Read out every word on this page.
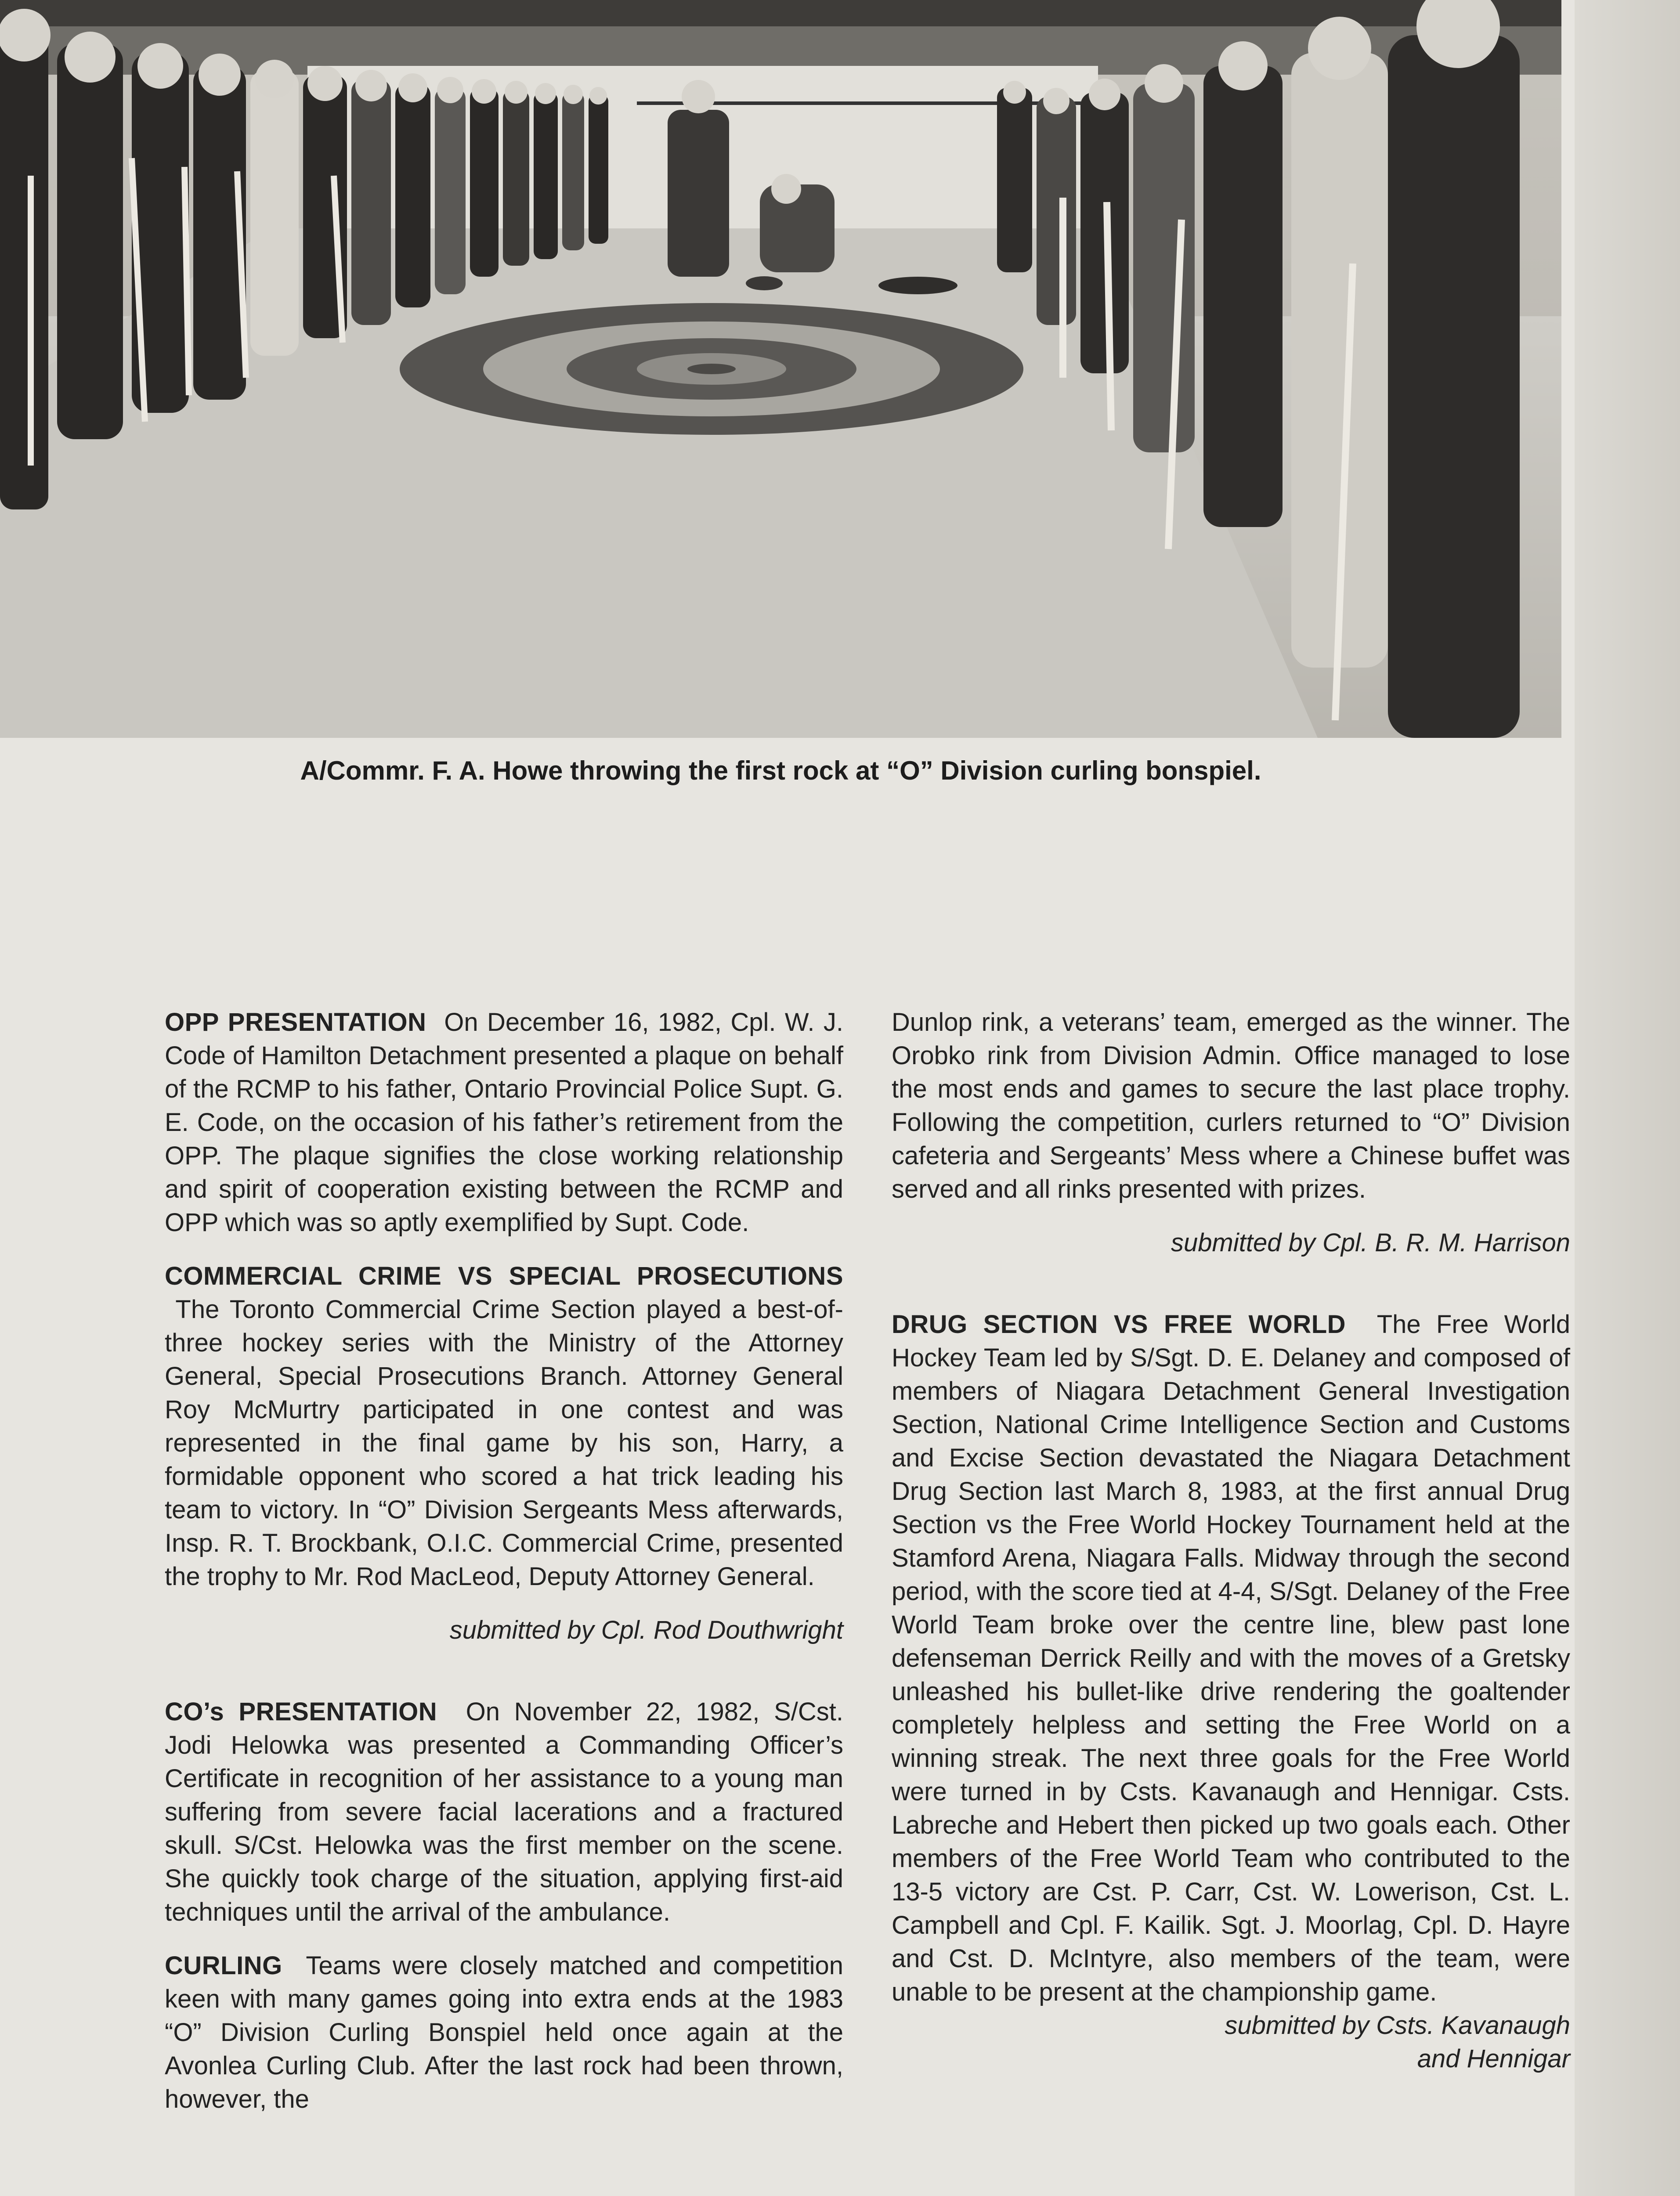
A/Commr. F. A. Howe throwing the first rock at “O” Division curling bonspiel.

OPP PRESENTATION On December 16, 1982, Cpl. W. J. Code of Hamilton Detachment presented a plaque on behalf of the RCMP to his father, Ontario Provincial Police Supt. G. E. Code, on the occasion of his father’s retirement from the OPP. The plaque signifies the close working relationship and spirit of cooperation existing between the RCMP and OPP which was so aptly exemplified by Supt. Code.

COMMERCIAL CRIME VS SPECIAL PROSECUTIONS  The Toronto Commercial Crime Section played a best-of-three hockey series with the Ministry of the Attorney General, Special Prosecutions Branch. Attorney General Roy McMurtry participated in one contest and was represented in the final game by his son, Harry, a formidable opponent who scored a hat trick leading his team to victory. In “O” Division Sergeants Mess afterwards, Insp. R. T. Brockbank, O.I.C. Commercial Crime, presented the trophy to Mr. Rod MacLeod, Deputy Attorney General.

submitted by Cpl. Rod Douthwright

CO’s PRESENTATION On November 22, 1982, S/Cst. Jodi Helowka was presented a Commanding Officer’s Certificate in recognition of her assistance to a young man suffering from severe facial lacerations and a fractured skull. S/Cst. Helowka was the first member on the scene. She quickly took charge of the situation, applying first-aid techniques until the arrival of the ambulance.

CURLING Teams were closely matched and competition keen with many games going into extra ends at the 1983 “O” Division Curling Bonspiel held once again at the Avonlea Curling Club. After the last rock had been thrown, however, the

Dunlop rink, a veterans’ team, emerged as the winner. The Orobko rink from Division Admin. Office managed to lose the most ends and games to secure the last place trophy. Following the competition, curlers returned to “O” Division cafeteria and Sergeants’ Mess where a Chinese buffet was served and all rinks presented with prizes.

submitted by Cpl. B. R. M. Harrison

DRUG SECTION VS FREE WORLD The Free World Hockey Team led by S/Sgt. D. E. Delaney and composed of members of Niagara Detachment General Investigation Section, National Crime Intelligence Section and Customs and Excise Section devastated the Niagara Detachment Drug Section last March 8, 1983, at the first annual Drug Section vs the Free World Hockey Tournament held at the Stamford Arena, Niagara Falls. Midway through the second period, with the score tied at 4-4, S/Sgt. Delaney of the Free World Team broke over the centre line, blew past lone defenseman Derrick Reilly and with the moves of a Gretsky unleashed his bullet-like drive rendering the goaltender completely helpless and setting the Free World on a winning streak. The next three goals for the Free World were turned in by Csts. Kavanaugh and Hennigar. Csts. Labreche and Hebert then picked up two goals each. Other members of the Free World Team who contributed to the 13-5 victory are Cst. P. Carr, Cst. W. Lowerison, Cst. L. Campbell and Cpl. F. Kailik. Sgt. J. Moorlag, Cpl. D. Hayre and Cst. D. McIntyre, also members of the team, were unable to be present at the championship game.

submitted by Csts. Kavanaugh
and Hennigar
